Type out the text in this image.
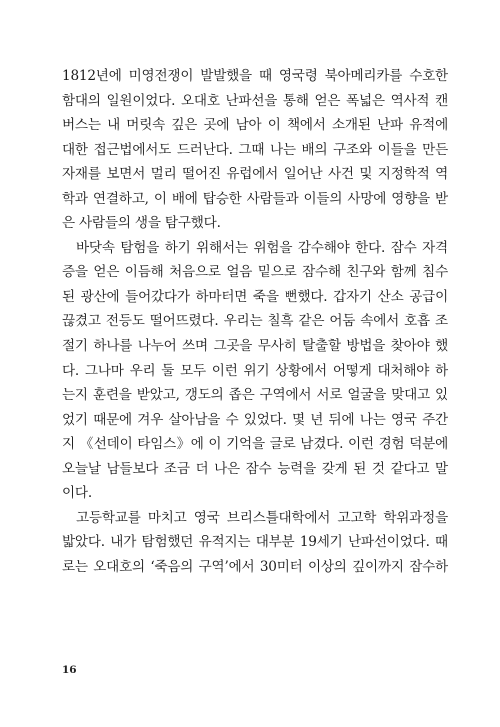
1812년에 미영전쟁이 발발했을 때 영국령 북아메리카를 수호한
함대의 일원이었다. 오대호 난파선을 통해 얻은 폭넓은 역사적 캔
버스는 내 머릿속 깊은 곳에 남아 이 책에서 소개된 난파 유적에
대한 접근법에서도 드러난다. 그때 나는 배의 구조와 이들을 만든
자재를 보면서 멀리 떨어진 유럽에서 일어난 사건 및 지정학적 역
학과 연결하고, 이 배에 탑승한 사람들과 이들의 사망에 영향을 받
은 사람들의 생을 탐구했다.
바닷속 탐험을 하기 위해서는 위험을 감수해야 한다. 잠수 자격
증을 얻은 이듬해 처음으로 얼음 밑으로 잠수해 친구와 함께 침수
된 광산에 들어갔다가 하마터면 죽을 뻔했다. 갑자기 산소 공급이
끊겼고 전등도 떨어뜨렸다. 우리는 칠흑 같은 어둠 속에서 호흡 조
절기 하나를 나누어 쓰며 그곳을 무사히 탈출할 방법을 찾아야 했
다. 그나마 우리 둘 모두 이런 위기 상황에서 어떻게 대처해야 하
는지 훈련을 받았고, 갱도의 좁은 구역에서 서로 얼굴을 맞대고 있
었기 때문에 겨우 살아남을 수 있었다. 몇 년 뒤에 나는 영국 주간
지 《선데이 타임스》에 이 기억을 글로 남겼다. 이런 경험 덕분에
오늘날 남들보다 조금 더 나은 잠수 능력을 갖게 된 것 같다고 말
이다.
고등학교를 마치고 영국 브리스틀대학에서 고고학 학위과정을
밟았다. 내가 탐험했던 유적지는 대부분 19세기 난파선이었다. 때
로는 오대호의 ‘죽음의 구역’에서 30미터 이상의 깊이까지 잠수하
16
